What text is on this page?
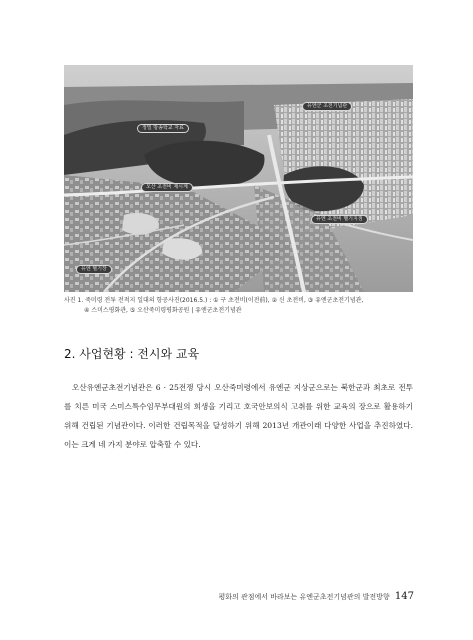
유엔군 초전기념관
정밀 방송학교 자료
오산 초전비 제시계
유엔 초전비 헬기지점
유엔 헬기장
사진 1. 죽미령 전투 전적지 일대의 항공사진(2016.5.) : ① 구 초전비(이전前), ② 신 초전비, ③ 유엔군초전기념관,
④ 스미스평화관, ⑤ 오산죽미령평화공원 | 유엔군초전기념관
2. 사업현황 : 전시와 교육

오산유엔군초전기념관은 6 · 25전쟁 당시 오산죽미령에서 유엔군 지상군으로는 북한군과 최초로 전투를 치른 미국 스미스특수임무부대원의 희생을 기리고 호국안보의식 고취를 위한 교육의 장으로 활용하기 위해 건립된 기념관이다. 이러한 건립목적을 달성하기 위해 2013년 개관이래 다양한 사업을 추진하였다. 이는 크게 네 가지 분야로 압축할 수 있다.

평화의 관점에서 바라보는 유엔군초전기념관의 발전방향 147
